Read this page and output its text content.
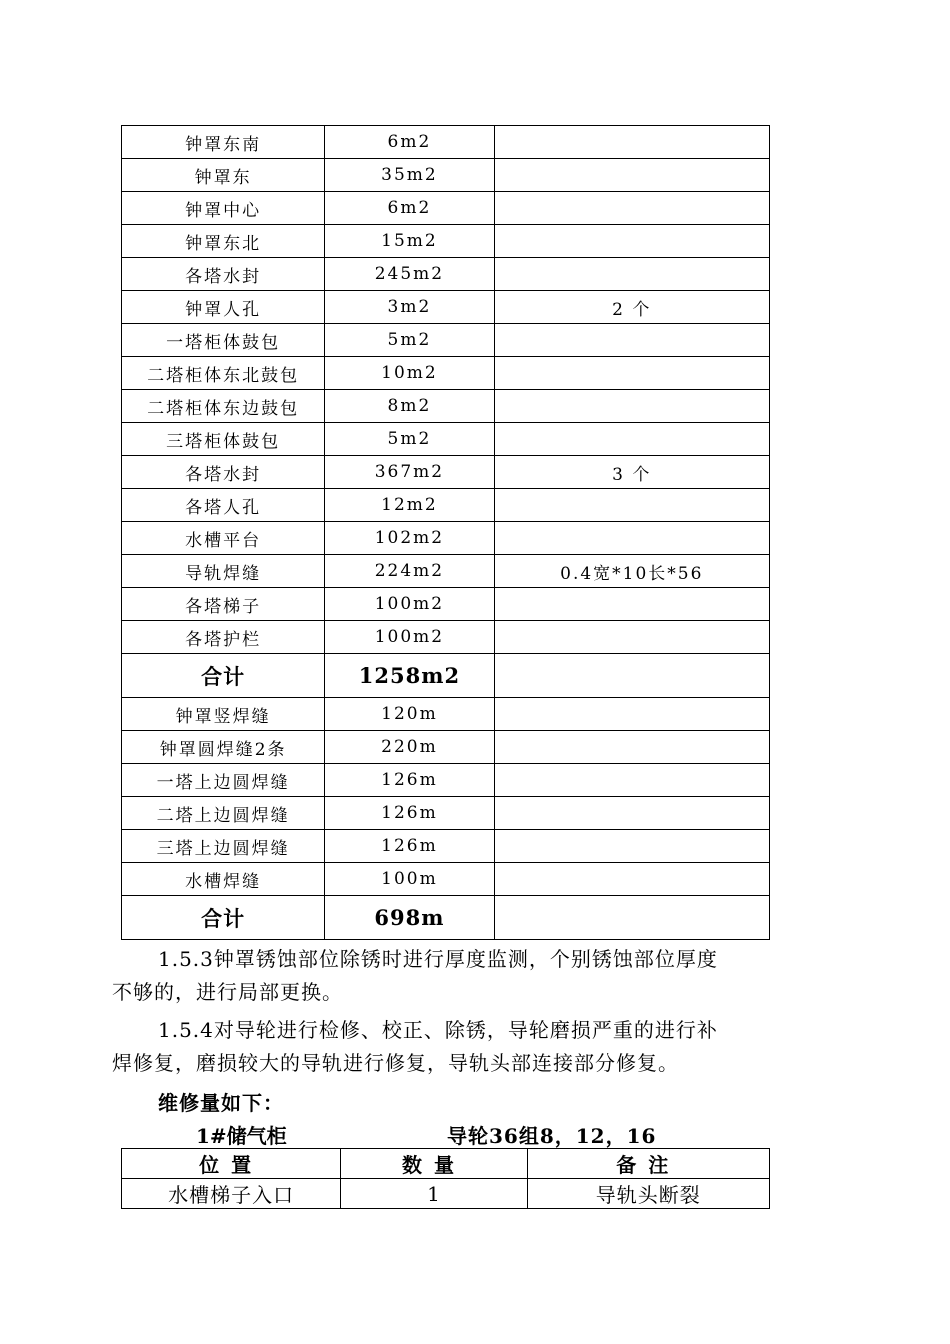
钟罩东南	6m2	
钟罩东	35m2	
钟罩中心	6m2	
钟罩东北	15m2	
各塔水封	245m2	
钟罩人孔	3m2	2 个
一塔柜体鼓包	5m2	
二塔柜体东北鼓包	10m2	
二塔柜体东边鼓包	8m2	
三塔柜体鼓包	5m2	
各塔水封	367m2	3 个
各塔人孔	12m2	
水槽平台	102m2	
导轨焊缝	224m2	0.4宽*10长*56
各塔梯子	100m2	
各塔护栏	100m2	
合计	1258m2	
钟罩竖焊缝	120m	
钟罩圆焊缝2条	220m	
一塔上边圆焊缝	126m	
二塔上边圆焊缝	126m	
三塔上边圆焊缝	126m	
水槽焊缝	100m	
合计	698m	
1.5.3钟罩锈蚀部位除锈时进行厚度监测，个别锈蚀部位厚度
不够的，进行局部更换。
1.5.4对导轮进行检修、校正、除锈，导轮磨损严重的进行补
焊修复，磨损较大的导轨进行修复，导轨头部连接部分修复。
维修量如下：
1#储气柜	导轮36组8，12，16
位置	数量	备注
水槽梯子入口	1	导轨头断裂
